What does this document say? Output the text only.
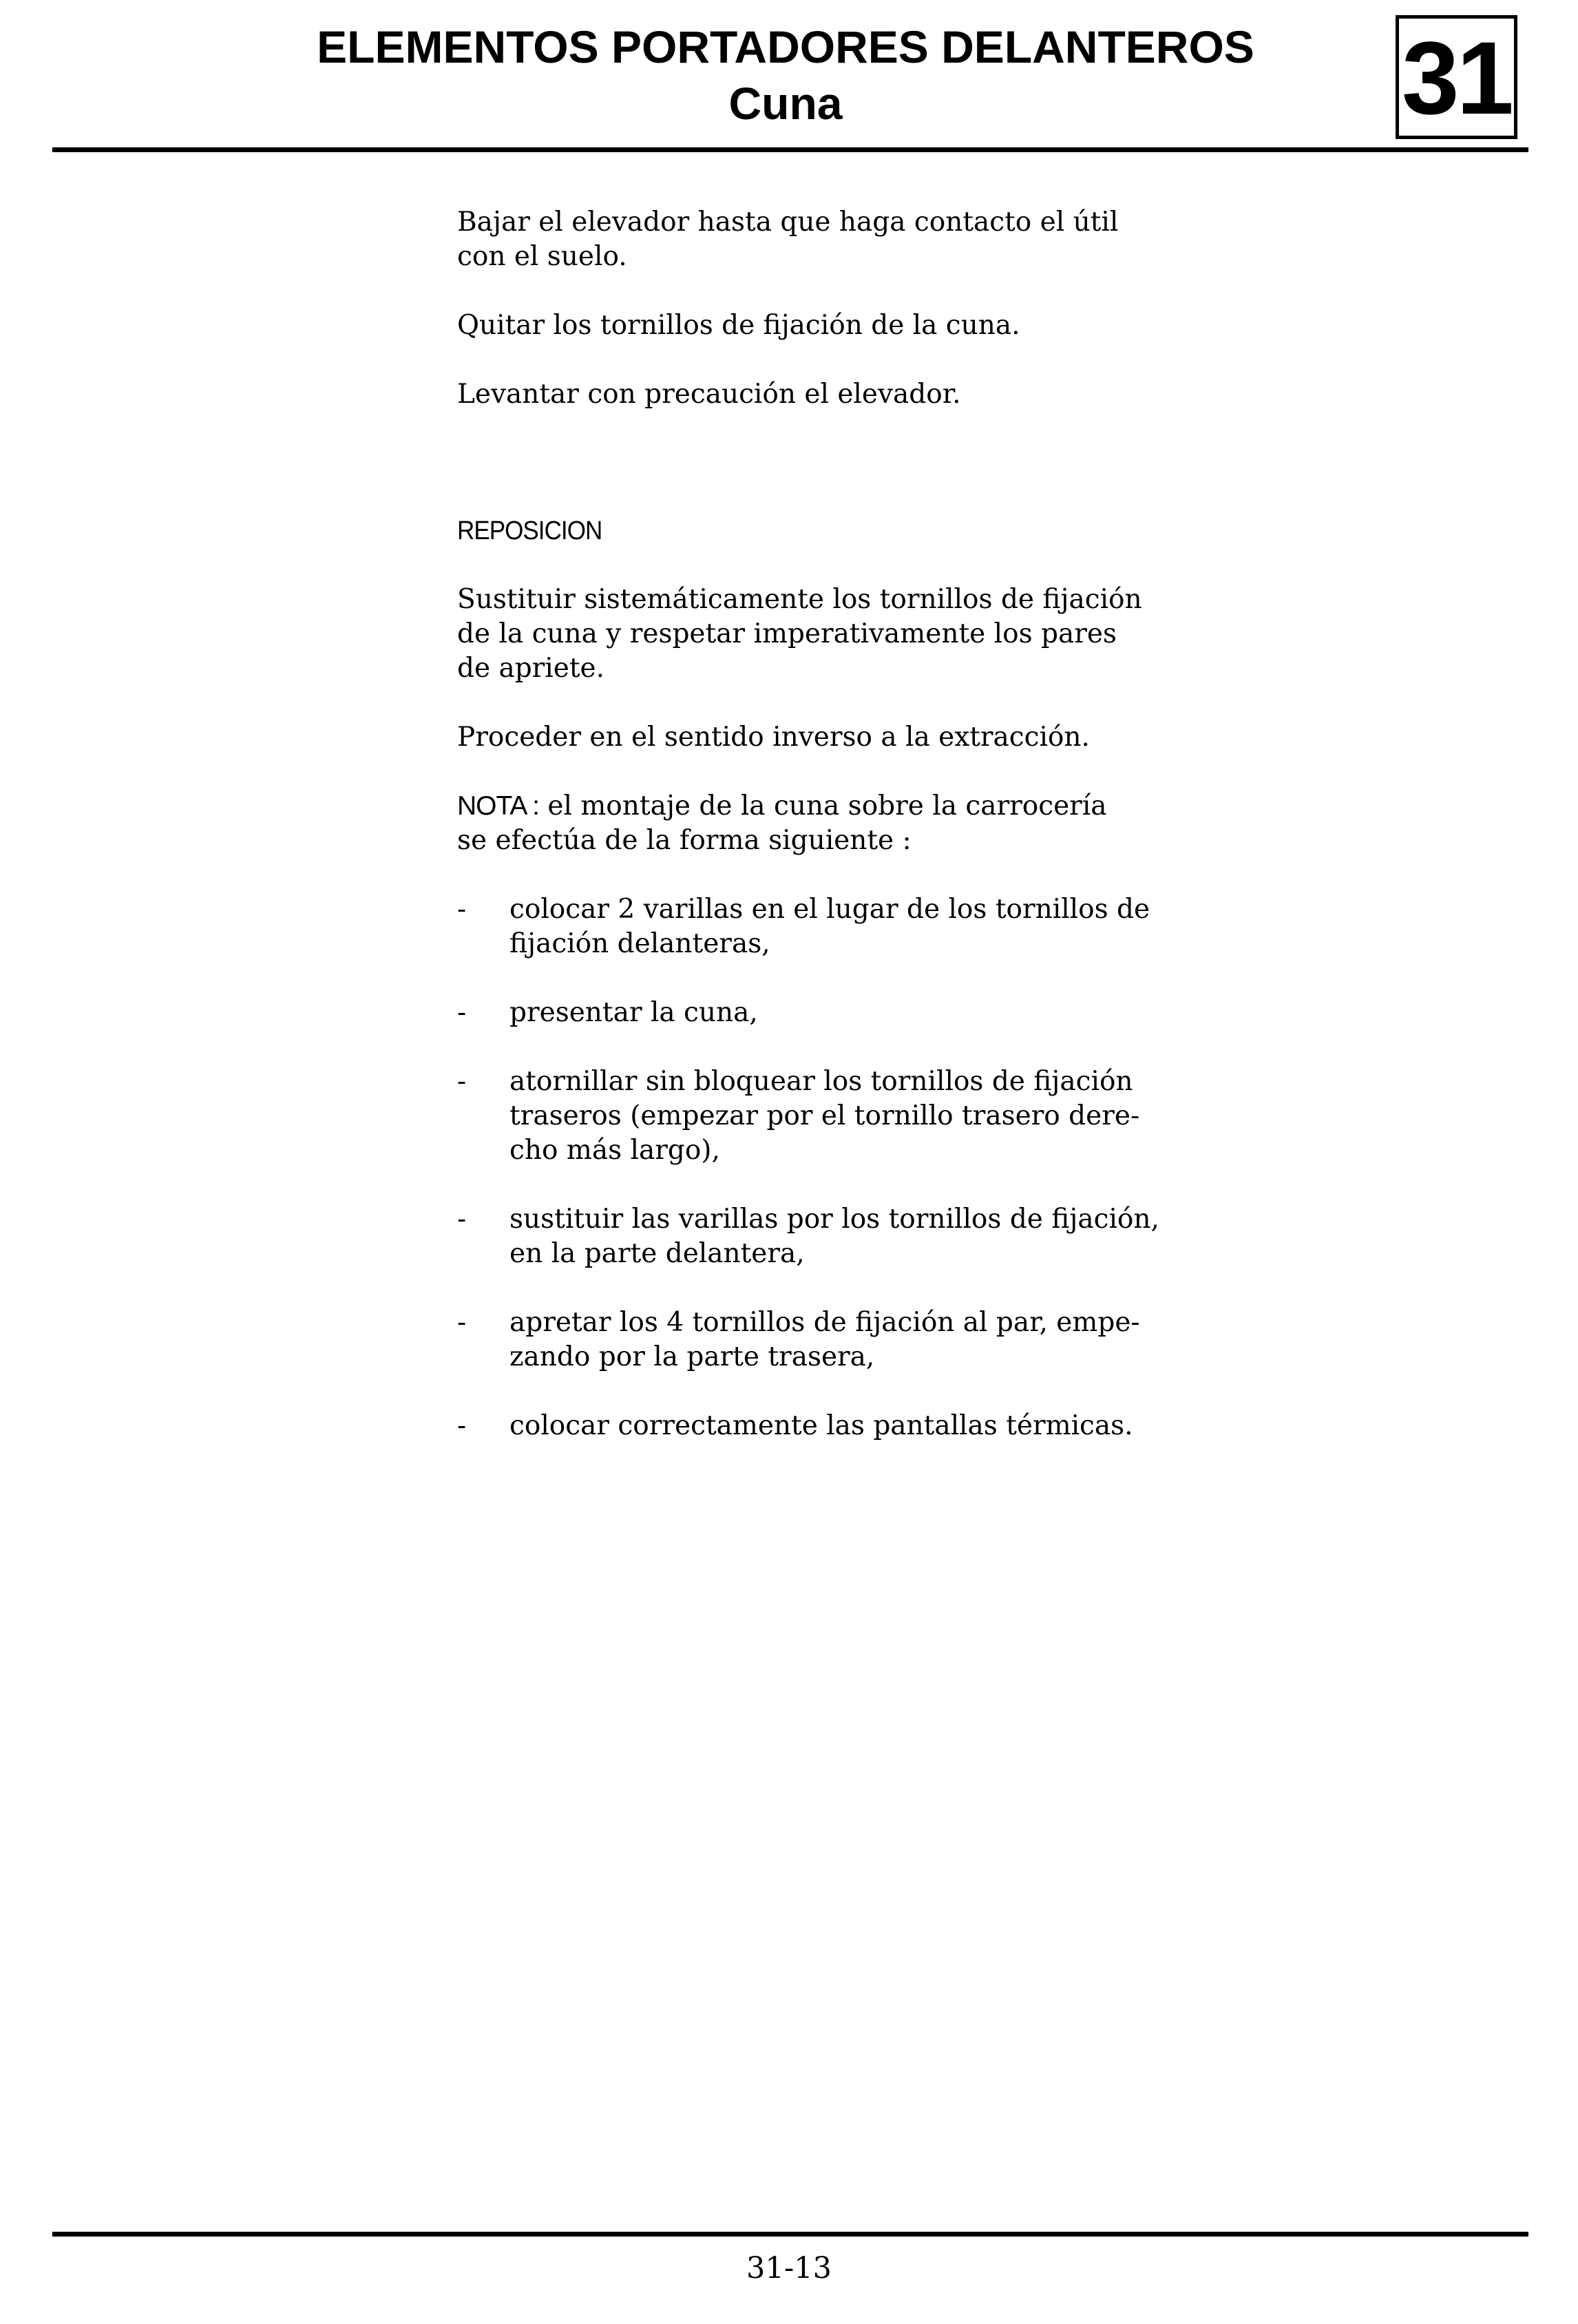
ELEMENTOS PORTADORES DELANTEROS
Cuna	31
Bajar el elevador hasta que haga contacto el útil
con el suelo.
Quitar los tornillos de fijación de la cuna.
Levantar con precaución el elevador.
REPOSICION
Sustituir sistemáticamente los tornillos de fijación
de la cuna y respetar imperativamente los pares
de apriete.
Proceder en el sentido inverso a la extracción.
NOTA : el montaje de la cuna sobre la carrocería
se efectúa de la forma siguiente :
- colocar 2 varillas en el lugar de los tornillos de
fijación delanteras,
- presentar la cuna,
- atornillar sin bloquear los tornillos de fijación
traseros (empezar por el tornillo trasero dere-
cho más largo),
- sustituir las varillas por los tornillos de fijación,
en la parte delantera,
- apretar los 4 tornillos de fijación al par, empe-
zando por la parte trasera,
- colocar correctamente las pantallas térmicas.
31-13
